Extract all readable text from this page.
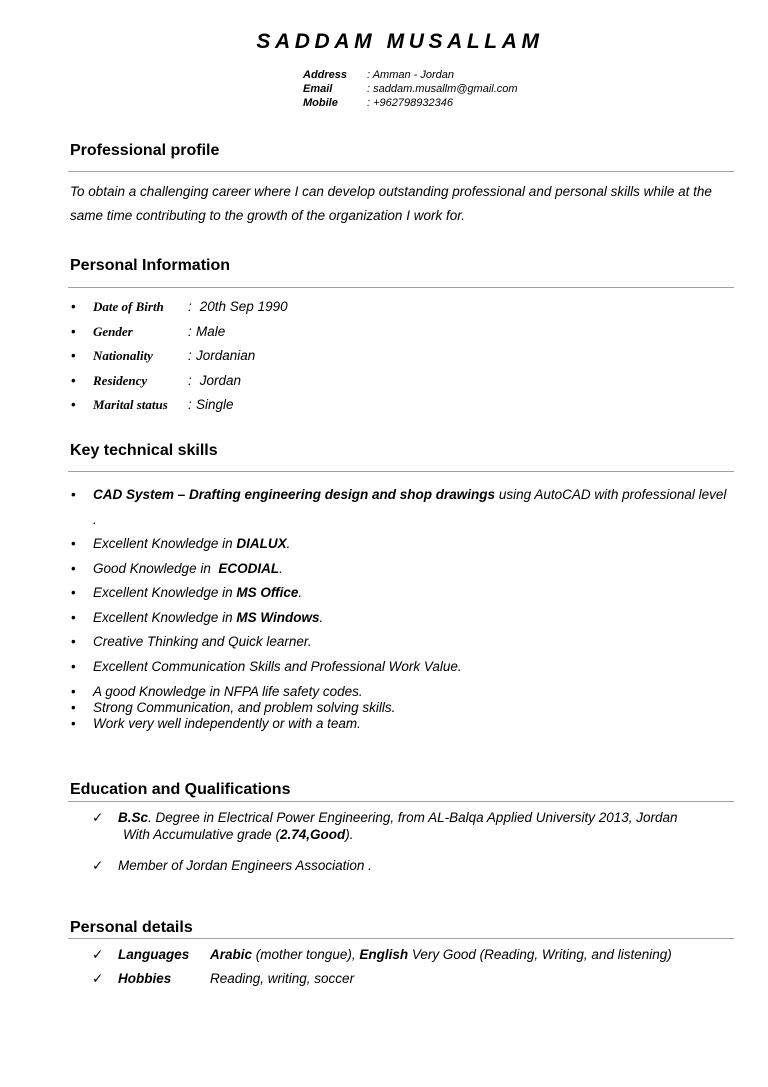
SADDAM MUSALLAM
Address : Amman - Jordan
Email	: saddam.musallm@gmail.com
Mobile	: +962798932346
Professional profile
To obtain a challenging career where I can develop outstanding professional and personal skills while at the same time contributing to the growth of the organization I work for.
Personal Information
• Date of Birth : 20th Sep 1990
• Gender	: Male
• Nationality	: Jordanian
• Residency	: Jordan
• Marital status : Single
Key technical skills
• CAD System – Drafting engineering design and shop drawings using AutoCAD with professional level .
• Excellent Knowledge in DIALUX.
• Good Knowledge in  ECODIAL.
• Excellent Knowledge in MS Office.
• Excellent Knowledge in MS Windows.
• Creative Thinking and Quick learner.
• Excellent Communication Skills and Professional Work Value.
• A good Knowledge in NFPA life safety codes.
• Strong Communication, and problem solving skills.
• Work very well independently or with a team.
Education and Qualifications
✓ B.Sc. Degree in Electrical Power Engineering, from AL-Balqa Applied University 2013, Jordan
With Accumulative grade (2.74,Good).
✓ Member of Jordan Engineers Association .
Personal details
✓ Languages Arabic (mother tongue), English Very Good (Reading, Writing, and listening)
✓ Hobbies	Reading, writing, soccer
